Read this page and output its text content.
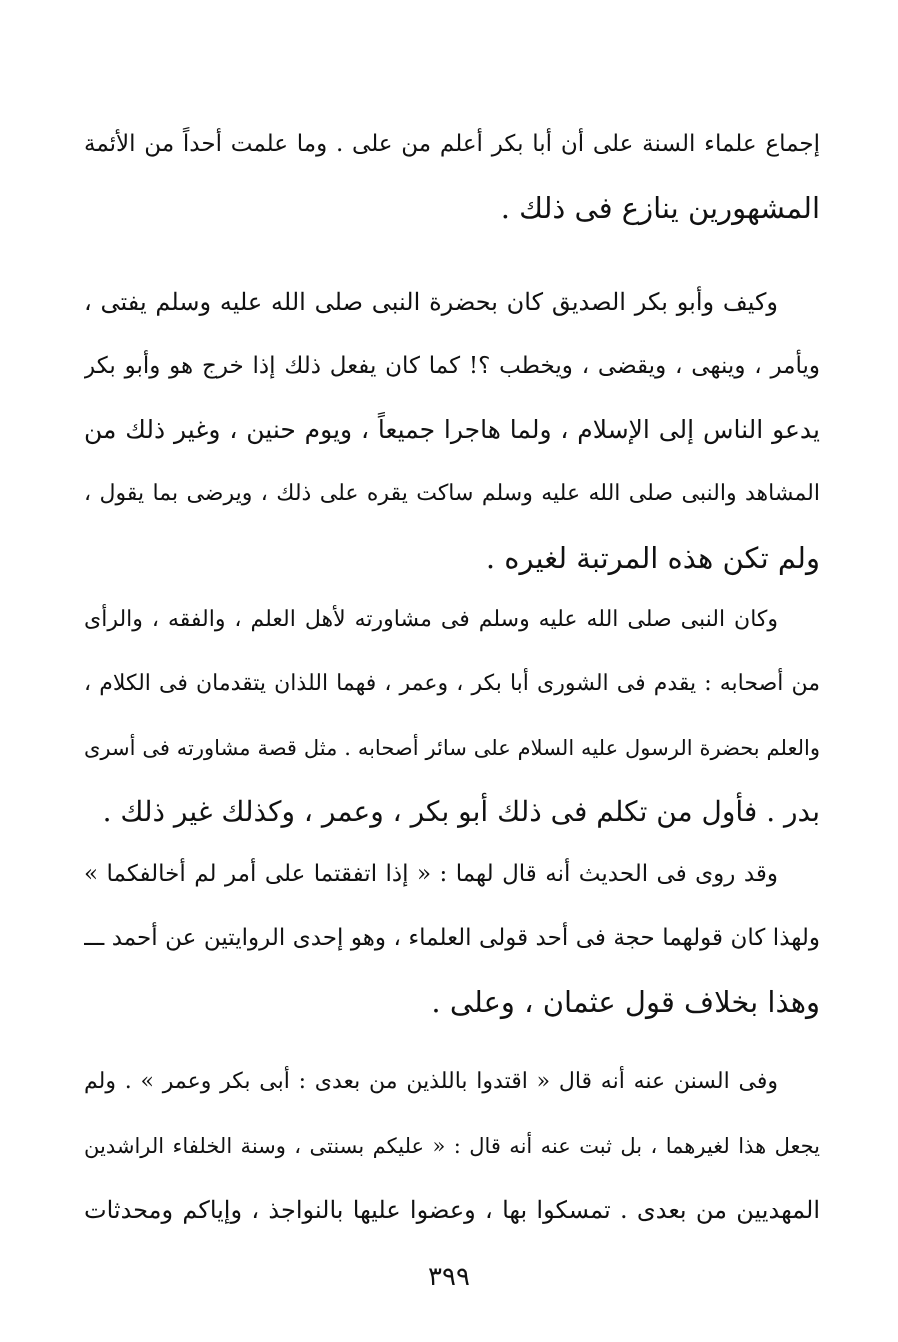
إجماع علماء السنة على أن أبا بكر أعلم من على . وما علمت أحداً من الأئمة
المشهورين ينازع فى ذلك .
وكيف وأبو بكر الصديق كان بحضرة النبى صلى الله عليه وسلم يفتى ،
ويأمر ، وينهى ، ويقضى ، ويخطب ؟! كما كان يفعل ذلك إذا خرج هو وأبو بكر
يدعو الناس إلى الإسلام ، ولما هاجرا جميعاً ، ويوم حنين ، وغير ذلك من
المشاهد والنبى صلى الله عليه وسلم ساكت يقره على ذلك ، ويرضى بما يقول ،
ولم تكن هذه المرتبة لغيره .
وكان النبى صلى الله عليه وسلم فى مشاورته لأهل العلم ، والفقه ، والرأى
من أصحابه : يقدم فى الشورى أبا بكر ، وعمر ، فهما اللذان يتقدمان فى الكلام ،
والعلم بحضرة الرسول عليه السلام على سائر أصحابه . مثل قصة مشاورته فى أسرى
بدر . فأول من تكلم فى ذلك أبو بكر ، وعمر ، وكذلك غير ذلك .
وقد روى فى الحديث أنه قال لهما : « إذا اتفقتما على أمر لم أخالفكما »
ولهذا كان قولهما حجة فى أحد قولى العلماء ، وهو إحدى الروايتين عن أحمد ـــ
وهذا بخلاف قول عثمان ، وعلى .
وفى السنن عنه أنه قال « اقتدوا باللذين من بعدى : أبى بكر وعمر » . ولم
يجعل هذا لغيرهما ، بل ثبت عنه أنه قال : « عليكم بسنتى ، وسنة الخلفاء الراشدين
المهديين من بعدى . تمسكوا بها ، وعضوا عليها بالنواجذ ، وإياكم ومحدثات
٣٩٩
